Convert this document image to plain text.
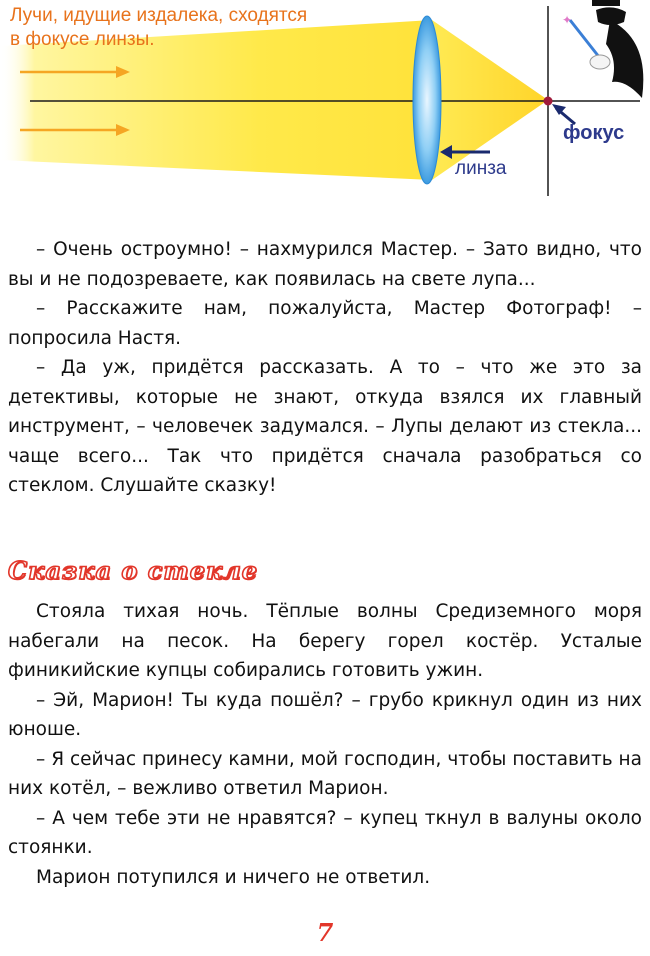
✦
Лучи, идущие издалека, сходятся
в фокусе линзы.
фокус
линза

– Очень остроумно! – нахмурился Мастер. – Зато видно, что вы и не подозреваете, как появилась на свете лупа...

– Расскажите нам, пожалуйста, Мастер Фотограф! – попросила Настя.

– Да уж, придётся рассказать. А то – что же это за детективы, которые не знают, откуда взялся их главный инструмент, – человечек задумался. – Лупы делают из стекла... чаще всего... Так что придётся сначала разобраться со стеклом. Слушайте сказку!

Сказка о стекле

Стояла тихая ночь. Тёплые волны Средиземного моря набегали на песок. На берегу горел костёр. Усталые финикийские купцы собирались готовить ужин.

– Эй, Марион! Ты куда пошёл? – грубо крикнул один из них юноше.

– Я сейчас принесу камни, мой господин, чтобы поставить на них котёл, – вежливо ответил Марион.

– А чем тебе эти не нравятся? – купец ткнул в валуны около стоянки.

Марион потупился и ничего не ответил.

7
